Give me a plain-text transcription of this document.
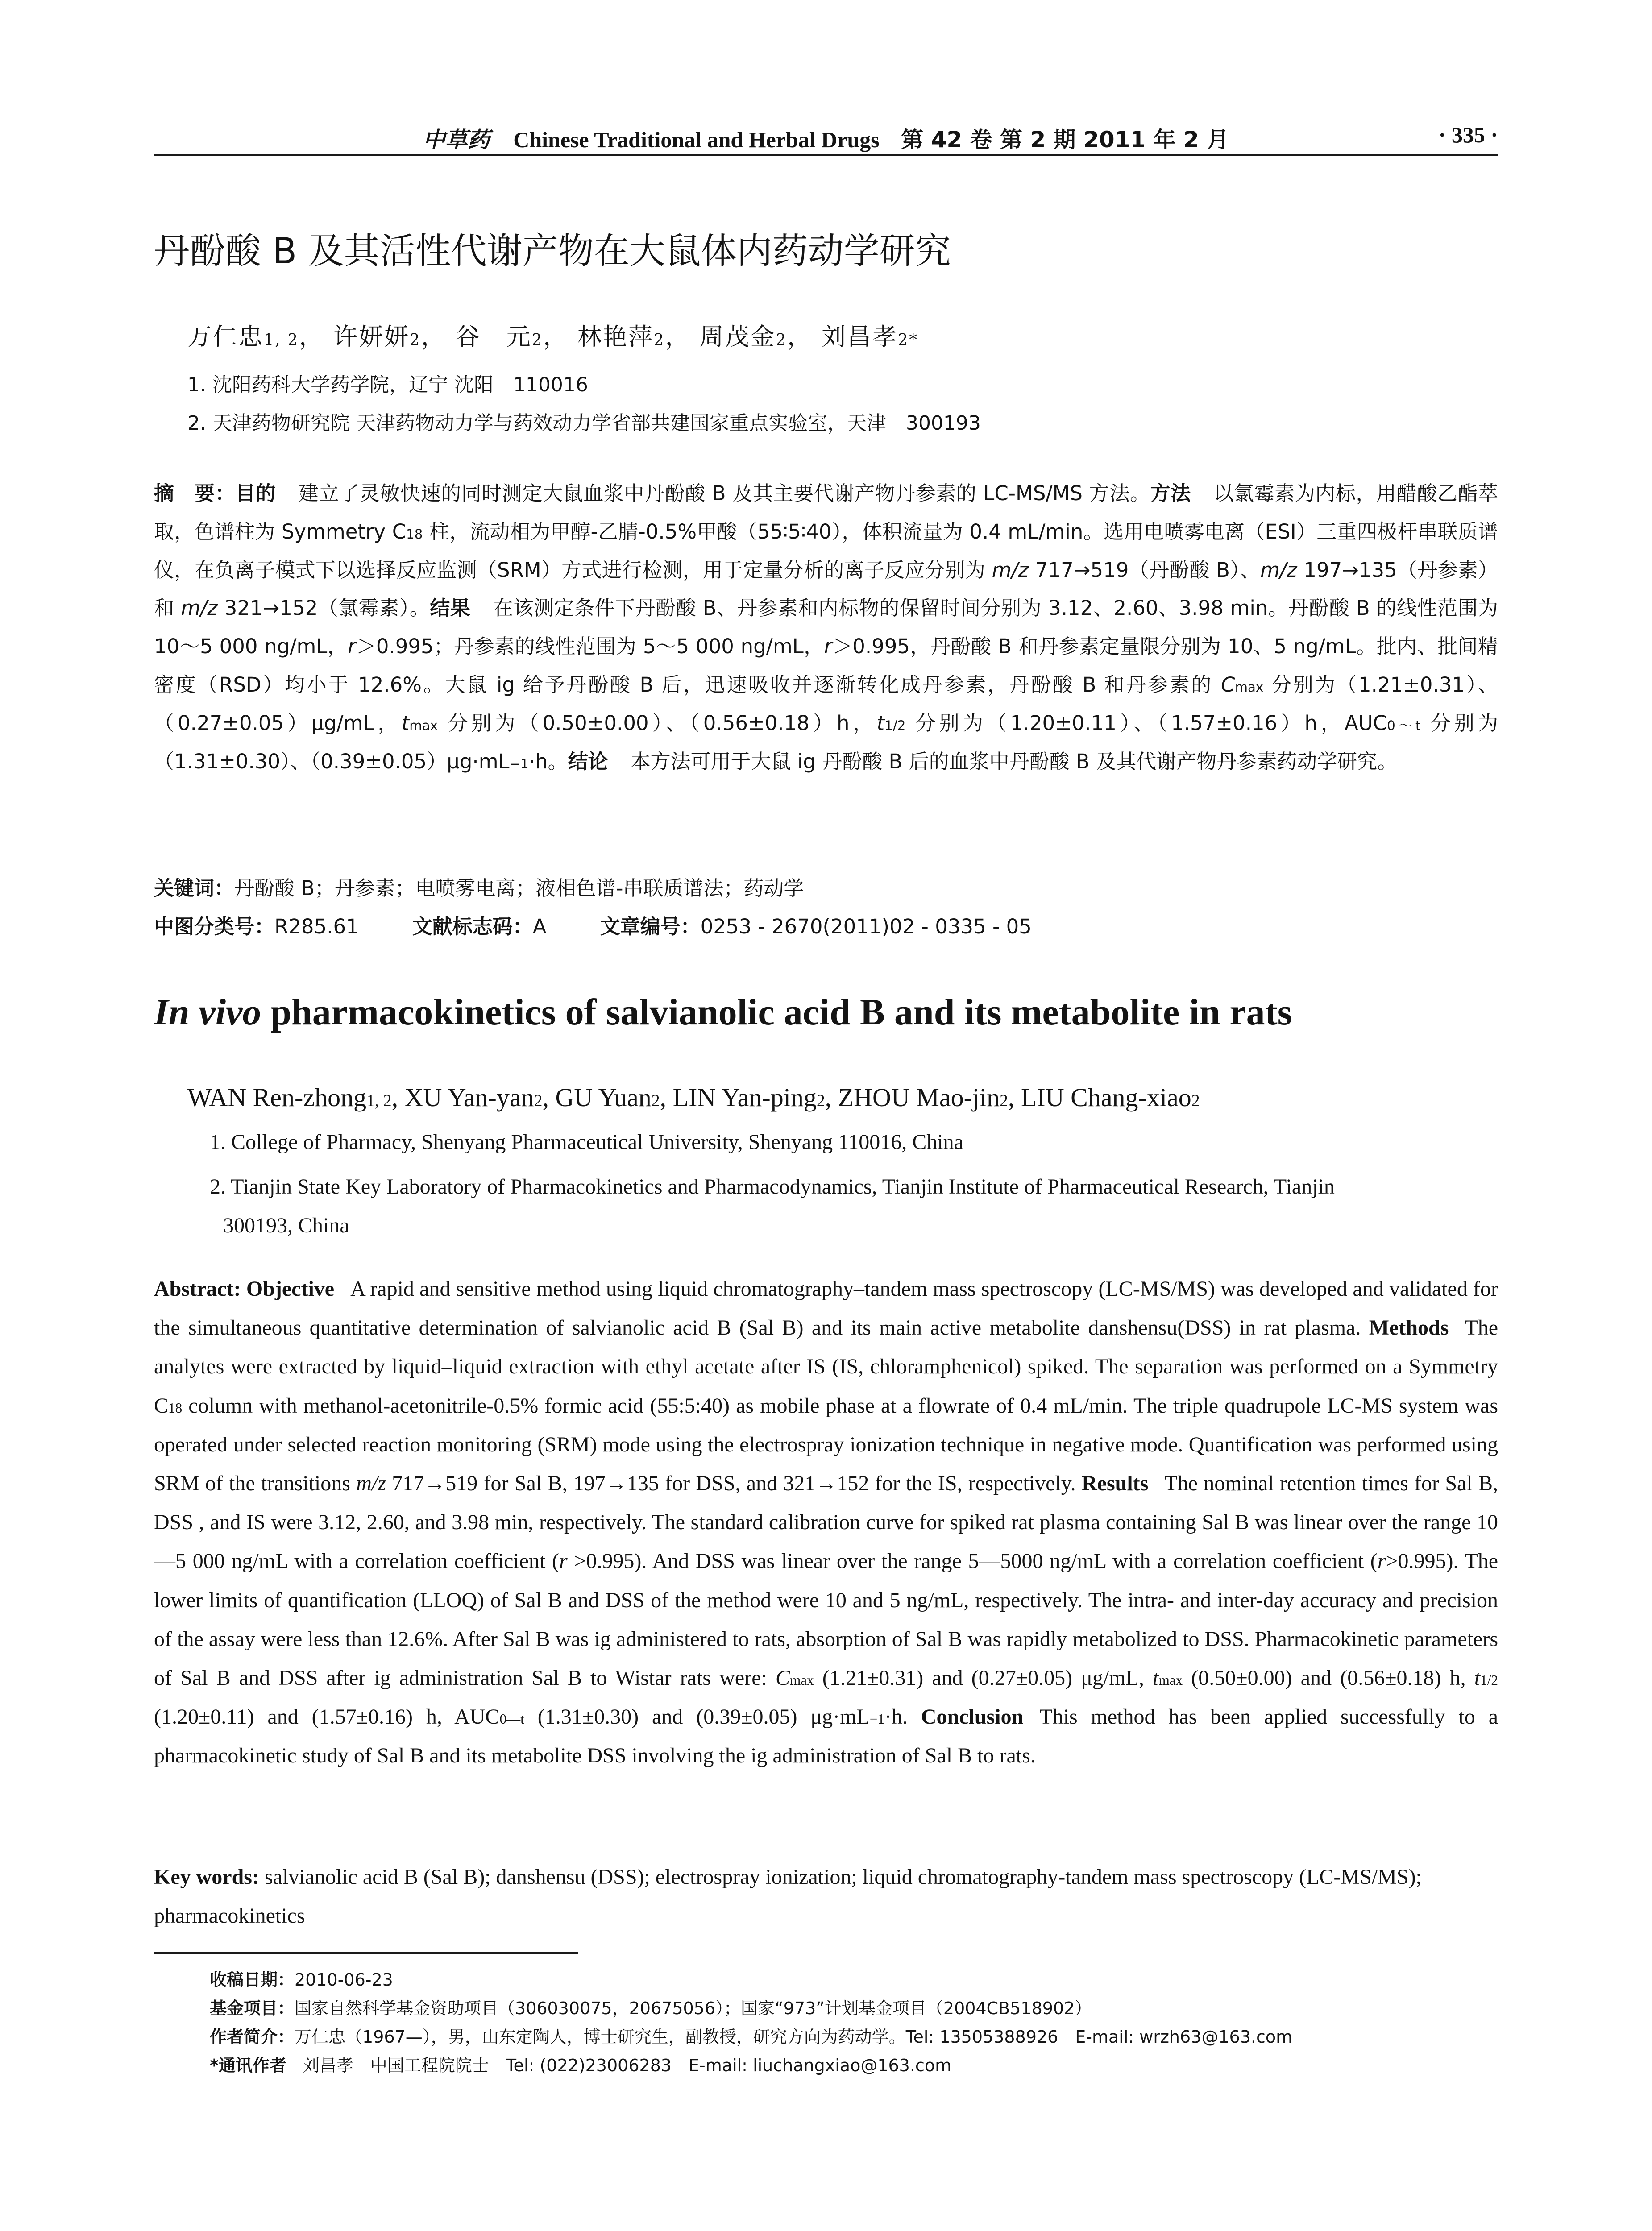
中草药 Chinese Traditional and Herbal Drugs 第 42 卷 第 2 期 2011 年 2 月	· 335 ·
丹酚酸 B 及其活性代谢产物在大鼠体内药动学研究
万仁忠$^{1, 2}$， 许妍妍$^2$， 谷　元$^2$， 林艳萍$^2$， 周茂金$^2$， 刘昌孝$^{2*}$
1. 沈阳药科大学药学院，辽宁 沈阳　110016
2. 天津药物研究院 天津药物动力学与药效动力学省部共建国家重点实验室，天津　300193
摘　要：目的 建立了灵敏快速的同时测定大鼠血浆中丹酚酸 B 及其主要代谢产物丹参素的 LC-MS/MS 方法。方法 以氯霉素为内标，用醋酸乙酯萃取，色谱柱为 Symmetry $C_{18}$ 柱，流动相为甲醇-乙腈-0.5%甲酸（55∶5∶40），体积流量为 0.4 mL/min。选用电喷雾电离（ESI）三重四极杆串联质谱仪，在负离子模式下以选择反应监测（SRM）方式进行检测，用于定量分析的离子反应分别为 m/z 717→519（丹酚酸 B）、m/z 197→135（丹参素）和 m/z 321→152（氯霉素）。结果 在该测定条件下丹酚酸 B、丹参素和内标物的保留时间分别为 3.12、2.60、3.98 min。丹酚酸 B 的线性范围为 10～5 000 ng/mL，r＞0.995；丹参素的线性范围为 5～5 000 ng/mL，r＞0.995，丹酚酸 B 和丹参素定量限分别为 10、5 ng/mL。批内、批间精密度（RSD）均小于 12.6%。大鼠 ig 给予丹酚酸 B 后，迅速吸收并逐渐转化成丹参素，丹酚酸 B 和丹参素的 $C_{max}$ 分别为（1.21±0.31）、（0.27±0.05）μg/mL，$t_{max}$ 分别为（0.50±0.00）、（0.56±0.18）h，$t_{1/2}$ 分别为（1.20±0.11）、（1.57±0.16）h，$AUC_{0\sim t}$ 分别为（1.31±0.30）、$(0.39\pm 0.05)\mu g\cdot mL^{-1}\cdot h$。结论 本方法可用于大鼠 ig 丹酚酸 B 后的血浆中丹酚酸 B 及其代谢产物丹参素药动学研究。
关键词：丹酚酸 B；丹参素；电喷雾电离；液相色谱-串联质谱法；药动学
中图分类号：R285.61	文献标志码：A	文章编号：0253 - 2670(2011)02 - 0335 - 05
In vivo pharmacokinetics of salvianolic acid B and its metabolite in rats
WAN Ren-zhong$^{1, 2}$, XU Yan-yan$^2$, GU Yuan$^2$, LIN Yan-ping$^2$, ZHOU Mao-jin$^2$, LIU Chang-xiao$^2$
1. College of Pharmacy, Shenyang Pharmaceutical University, Shenyang 110016, China
2. Tianjin State Key Laboratory of Pharmacokinetics and Pharmacodynamics, Tianjin Institute of Pharmaceutical Research, Tianjin
300193, China
Abstract: Objective A rapid and sensitive method using liquid chromatography–tandem mass spectroscopy (LC-MS/MS) was developed and validated for the simultaneous quantitative determination of salvianolic acid B (Sal B) and its main active metabolite danshensu(DSS) in rat plasma. Methods The analytes were extracted by liquid–liquid extraction with ethyl acetate after IS (IS, chloramphenicol) spiked. The separation was performed on a Symmetry $C_{18}$ column with methanol-acetonitrile-0.5% formic acid (55:5:40) as mobile phase at a flowrate of 0.4 mL/min. The triple quadrupole LC-MS system was operated under selected reaction monitoring (SRM) mode using the electrospray ionization technique in negative mode. Quantification was performed using SRM of the transitions m/z 717→519 for Sal B, 197→135 for DSS, and 321→152 for the IS, respectively. Results The nominal retention times for Sal B, DSS , and IS were 3.12, 2.60, and 3.98 min, respectively. The standard calibration curve for spiked rat plasma containing Sal B was linear over the range 10—5 000 ng/mL with a correlation coefficient (r >0.995). And DSS was linear over the range 5—5000 ng/mL with a correlation coefficient (r>0.995). The lower limits of quantification (LLOQ) of Sal B and DSS of the method were 10 and 5 ng/mL, respectively. The intra- and inter-day accuracy and precision of the assay were less than 12.6%. After Sal B was ig administered to rats, absorption of Sal B was rapidly metabolized to DSS. Pharmacokinetic parameters of Sal B and DSS after ig administration Sal B to Wistar rats were: $C_{max}$ (1.21±0.31) and (0.27±0.05) μg/mL, $t_{max}$ (0.50±0.00) and (0.56±0.18) h, $t_{1/2}$ (1.20±0.11) and (1.57±0.16) h, $AUC_{0—t}$ (1.31±0.30) and (0.39±0.05) $\mu g\cdot mL^{-1}\cdot h$. Conclusion This method has been applied successfully to a pharmacokinetic study of Sal B and its metabolite DSS involving the ig administration of Sal B to rats.
Key words: salvianolic acid B (Sal B); danshensu (DSS); electrospray ionization; liquid chromatography-tandem mass spectroscopy (LC-MS/MS); pharmacokinetics
收稿日期：2010-06-23
基金项目：国家自然科学基金资助项目（306030075，20675056）；国家“973”计划基金项目（2004CB518902）
作者简介：万仁忠（1967—），男，山东定陶人，博士研究生，副教授，研究方向为药动学。Tel: 13505388926　E-mail: wrzh63@163.com
*通讯作者 刘昌孝　中国工程院院士　Tel: (022)23006283　E-mail: liuchangxiao@163.com
